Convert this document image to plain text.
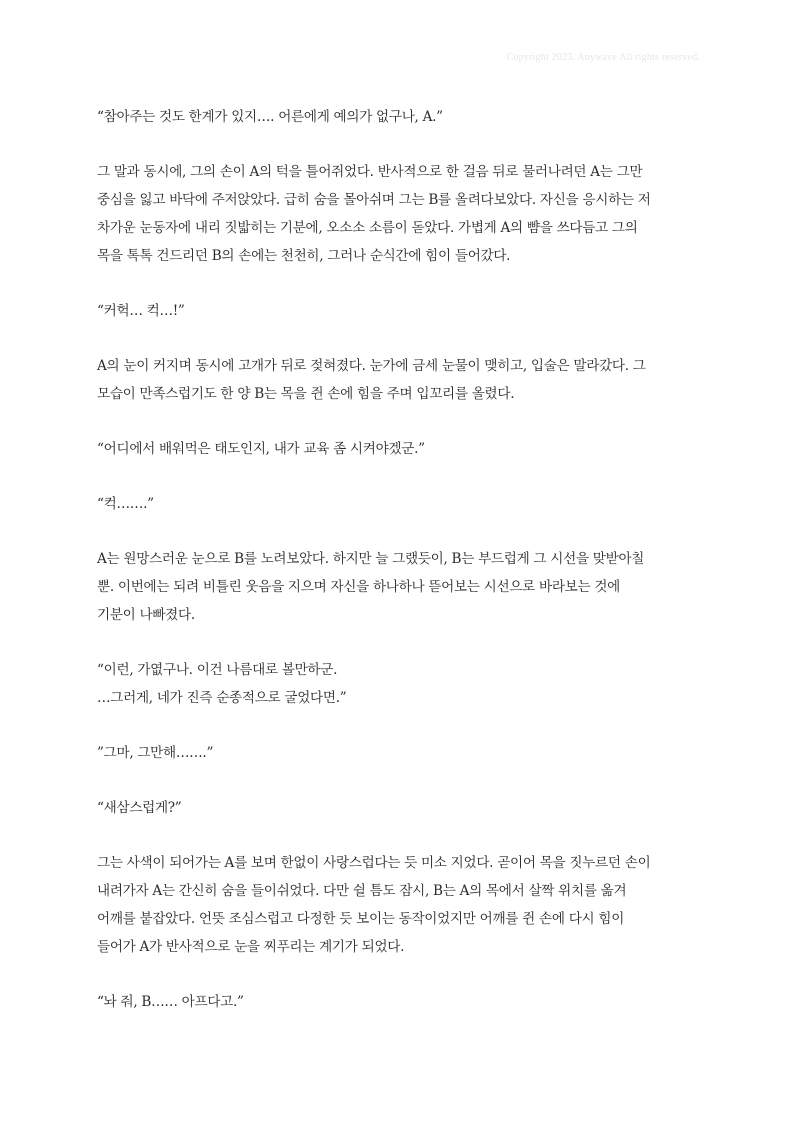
Copyright 2023. Anywave All rights reserved.

“참아주는 것도 한계가 있지…. 어른에게 예의가 없구나, A.”

그 말과 동시에, 그의 손이 A의 턱을 틀어쥐었다. 반사적으로 한 걸음 뒤로 물러나려던 A는 그만
중심을 잃고 바닥에 주저앉았다. 급히 숨을 몰아쉬며 그는 B를 올려다보았다. 자신을 응시하는 저
차가운 눈동자에 내리 짓밟히는 기분에, 오소소 소름이 돋았다. 가볍게 A의 뺨을 쓰다듬고 그의
목을 톡톡 건드리던 B의 손에는 천천히, 그러나 순식간에 힘이 들어갔다.

“커헉… 컥…!”

A의 눈이 커지며 동시에 고개가 뒤로 젖혀졌다. 눈가에 금세 눈물이 맺히고, 입술은 말라갔다. 그
모습이 만족스럽기도 한 양 B는 목을 쥔 손에 힘을 주며 입꼬리를 올렸다.

“어디에서 배워먹은 태도인지, 내가 교육 좀 시켜야겠군.”

“컥…….”

A는 원망스러운 눈으로 B를 노려보았다. 하지만 늘 그랬듯이, B는 부드럽게 그 시선을 맞받아칠
뿐. 이번에는 되려 비틀린 웃음을 지으며 자신을 하나하나 뜯어보는 시선으로 바라보는 것에
기분이 나빠졌다.

“이런, 가엾구나. 이건 나름대로 볼만하군.
…그러게, 네가 진즉 순종적으로 굴었다면.”

”그마, 그만해…….”

“새삼스럽게?”

그는 사색이 되어가는 A를 보며 한없이 사랑스럽다는 듯 미소 지었다. 곧이어 목을 짓누르던 손이
내려가자 A는 간신히 숨을 들이쉬었다. 다만 쉴 틈도 잠시, B는 A의 목에서 살짝 위치를 옮겨
어깨를 붙잡았다. 언뜻 조심스럽고 다정한 듯 보이는 동작이었지만 어깨를 쥔 손에 다시 힘이
들어가 A가 반사적으로 눈을 찌푸리는 계기가 되었다.

“놔 줘, B…… 아프다고.”
